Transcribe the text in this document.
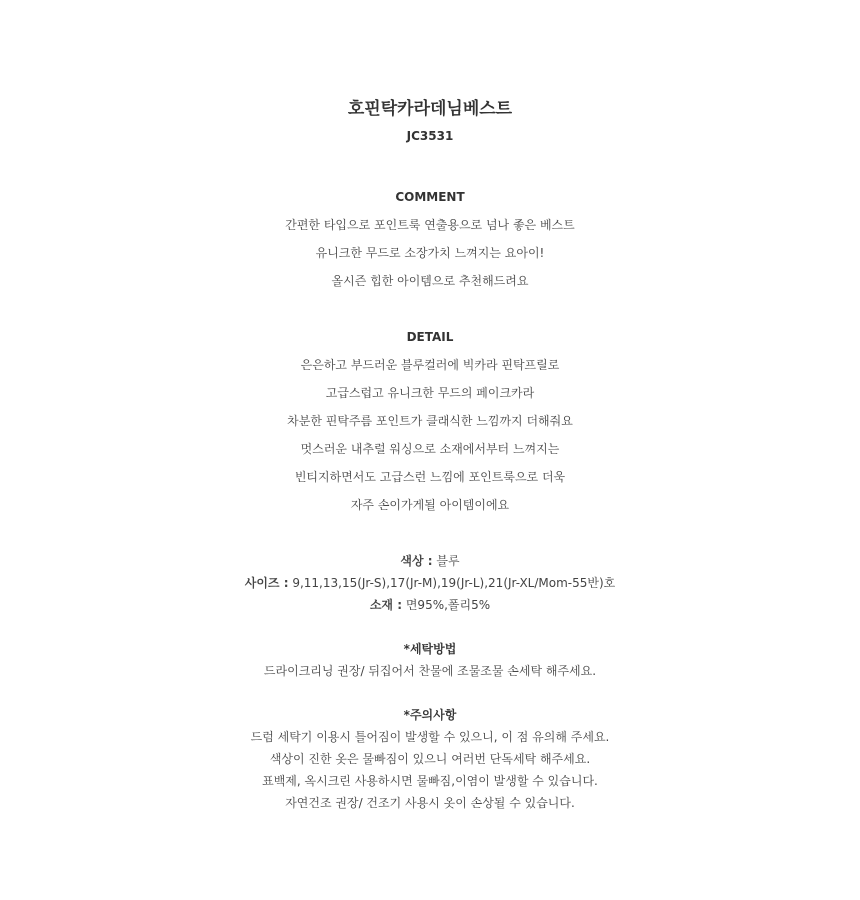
호핀탁카라데님베스트
JC3531
COMMENT
간편한 타입으로 포인트룩 연출용으로 넘나 좋은 베스트
유니크한 무드로 소장가치 느껴지는 요아이!
올시즌 힙한 아이템으로 추천해드려요
DETAIL
은은하고 부드러운 블루컬러에 빅카라 핀탁프릴로
고급스럽고 유니크한 무드의 페이크카라
차분한 핀탁주름 포인트가 클래식한 느낌까지 더해줘요
멋스러운 내추럴 워싱으로 소재에서부터 느껴지는
빈티지하면서도 고급스런 느낌에 포인트룩으로 더욱
자주 손이가게될 아이템이에요
색상 : 블루
사이즈 : 9,11,13,15(Jr-S),17(Jr-M),19(Jr-L),21(Jr-XL/Mom-55반)호
소재 : 면95%,폴리5%
*세탁방법
드라이크리닝 권장/ 뒤집어서 찬물에 조물조물 손세탁 해주세요.
*주의사항
드럼 세탁기 이용시 틀어짐이 발생할 수 있으니, 이 점 유의해 주세요.
색상이 진한 옷은 물빠짐이 있으니 여러번 단독세탁 해주세요.
표백제, 옥시크린 사용하시면 물빠짐,이염이 발생할 수 있습니다.
자연건조 권장/ 건조기 사용시 옷이 손상될 수 있습니다.
